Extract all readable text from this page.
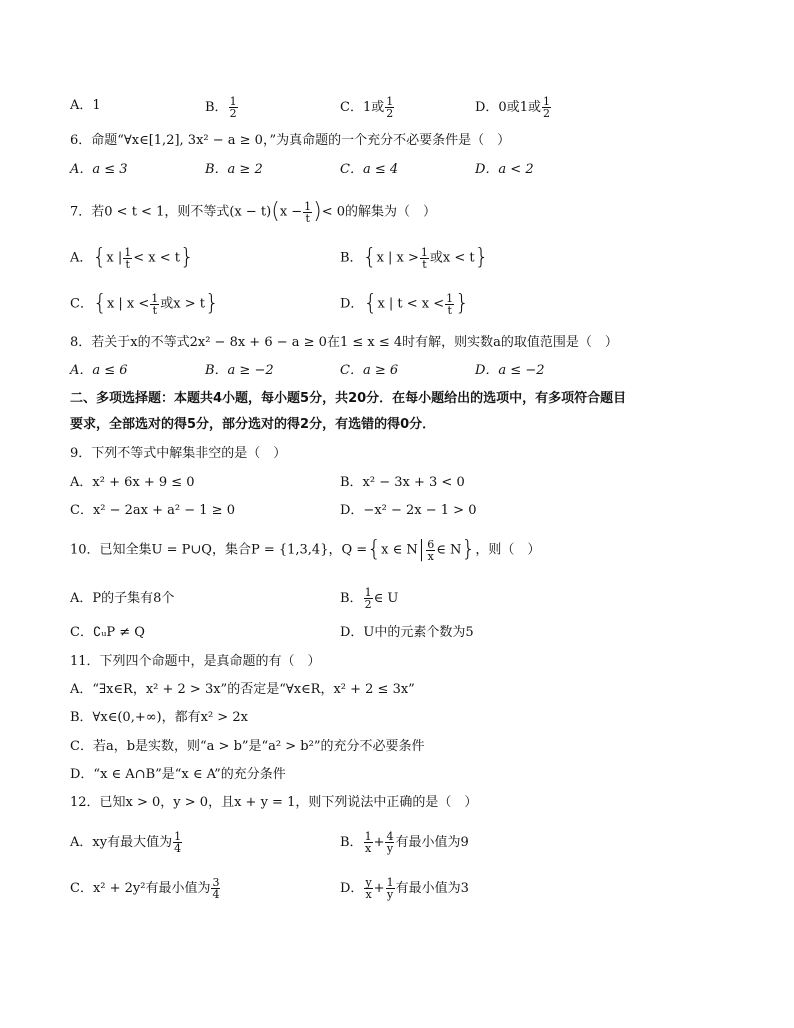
A．1	B． $\frac{1}{2}$	C．1或 $\frac{1}{2}$	D．0或1或 $\frac{1}{2}$
6．命题“∀x∈[1,2], 3x² − a ≥ 0，”为真命题的一个充分不必要条件是（　）
A．a ≤ 3	B．a ≥ 2	C．a ≤ 4	D．a < 2
7．若0 < t < 1，则不等式$(x - t)(x - \frac{1}{t}$ )< 0的解集为（　）
A．{x | $\frac{1}{t} < x < t$}	B．{x | $x > \frac{1}{t}$ 或x < t}
C．{x | $x < \frac{1}{t}$ 或x > t}	D．{x | $t < x < \frac{1}{t}$ }
8．若关于x的不等式2x² − 8x + 6 − a ≥ 0在1 ≤ x ≤ 4时有解，则实数a的取值范围是（　）
A．a ≤ 6	B．a ≥ −2	C．a ≥ 6	D．a ≤ −2
二、多项选择题：本题共4小题，每小题5分，共20分．在每小题给出的选项中，有多项符合题目
要求，全部选对的得5分，部分选对的得2分，有选错的得0分．
9．下列不等式中解集非空的是（　）
A．x² + 6x + 9 ≤ 0	B．x² − 3x + 3 < 0
C．x² − 2ax + a² − 1 ≥ 0	D．−x² − 2x − 1 > 0
10．已知全集U = P∪Q，集合P = {1,3,4}，Q ={x ∈ $N| \frac{6}{x}$ ∈ N}，则（　）
A．P的子集有8个	B． $\frac{1}{2}$ ∈ U
C．∁ᵤP ≠ Q	D．U中的元素个数为5
11．下列四个命题中，是真命题的有（　）
A．“∃x∈R，x² + 2 > 3x”的否定是“∀x∈R，x² + 2 ≤ 3x”
B．∀x∈(0,+∞)，都有x² > 2x
C．若a，b是实数，则“a > b”是“a² > b²”的充分不必要条件
D．“x ∈ A∩B”是“x ∈ A”的充分条件
12．已知x > 0，y > 0，且x + y = 1，则下列说法中正确的是（　）
A．xy有最大值为 $\frac{1}{4}$	B． $\frac{1}{x} + \frac{4}{y}$ 有最小值为9
C．x² + 2y²有最小值为 $\frac{3}{4}$	D． $\frac{y}{x} + \frac{1}{y}$ 有最小值为3
